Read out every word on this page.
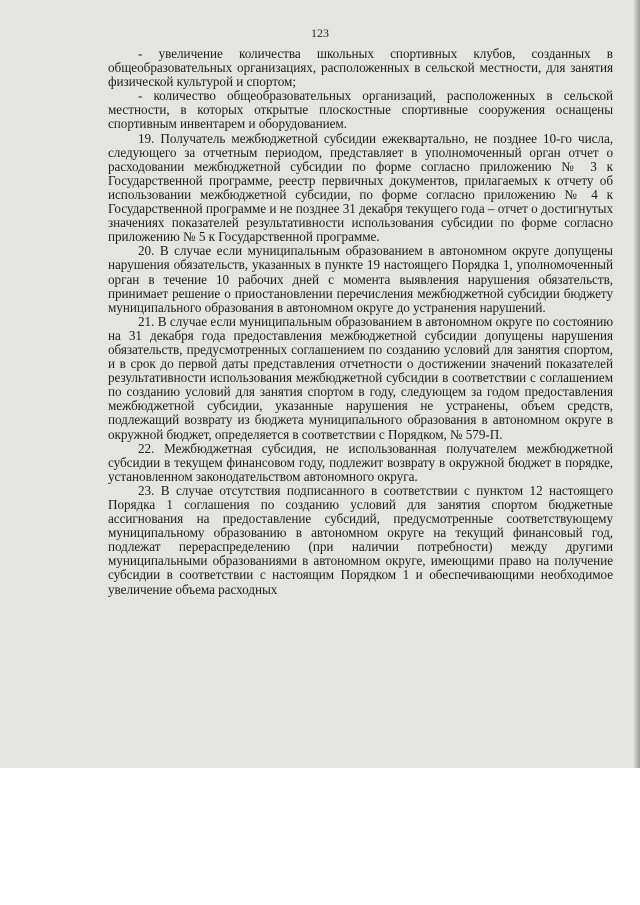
123

- увеличение количества школьных спортивных клубов, созданных в общеобразовательных организациях, расположенных в сельской местности, для занятия физической культурой и спортом;

- количество общеобразовательных организаций, расположенных в сельской местности, в которых открытые плоскостные спортивные сооружения оснащены спортивным инвентарем и оборудованием.

19. Получатель межбюджетной субсидии ежеквартально, не позднее 10-го числа, следующего за отчетным периодом, представляет в уполномоченный орган отчет о расходовании межбюджетной субсидии по форме согласно приложению № 3 к Государственной программе, реестр первичных документов, прилагаемых к отчету об использовании межбюджетной субсидии, по форме согласно приложению № 4 к Государственной программе и не позднее 31 декабря текущего года – отчет о достигнутых значениях показателей результативности использования субсидии по форме согласно приложению № 5 к Государственной программе.

20. В случае если муниципальным образованием в автономном округе допущены нарушения обязательств, указанных в пункте 19 настоящего Порядка 1, уполномоченный орган в течение 10 рабочих дней с момента выявления нарушения обязательств, принимает решение о приостановлении перечисления межбюджетной субсидии бюджету муниципального образования в автономном округе до устранения нарушений.

21. В случае если муниципальным образованием в автономном округе по состоянию на 31 декабря года предоставления межбюджетной субсидии допущены нарушения обязательств, предусмотренных соглашением по созданию условий для занятия спортом, и в срок до первой даты представления отчетности о достижении значений показателей результативности использования межбюджетной субсидии в соответствии с соглашением по созданию условий для занятия спортом в году, следующем за годом предоставления межбюджетной субсидии, указанные нарушения не устранены, объем средств, подлежащий возврату из бюджета муниципального образования в автономном округе в окружной бюджет, определяется в соответствии с Порядком, № 579-П.

22. Межбюджетная субсидия, не использованная получателем межбюджетной субсидии в текущем финансовом году, подлежит возврату в окружной бюджет в порядке, установленном законодательством автономного округа.

23. В случае отсутствия подписанного в соответствии с пунктом 12 настоящего Порядка 1 соглашения по созданию условий для занятия спортом бюджетные ассигнования на предоставление субсидий, предусмотренные соответствующему муниципальному образованию в автономном округе на текущий финансовый год, подлежат перераспределению (при наличии потребности) между другими муниципальными образованиями в автономном округе, имеющими право на получение субсидии в соответствии с настоящим Порядком 1 и обеспечивающими необходимое увеличение объема расходных
